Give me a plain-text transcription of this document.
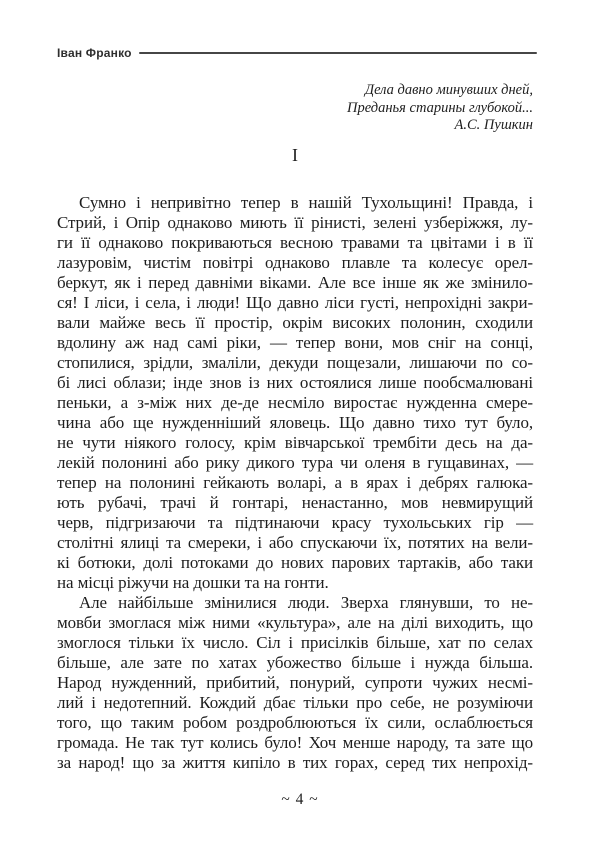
Іван Франко
Дела давно минувших дней,
Преданья старины глубокой...
А.С. Пушкин
I
Сумно і непривітно тепер в нашій Тухольщині! Правда, і
Стрий, і Опір однаково миють її рінисті, зелені узберіжжя, лу-
ги її однаково покриваються весною травами та цвітами і в її
лазуровім, чистім повітрі однаково плавле та колесує орел-
беркут, як і перед давніми віками. Але все інше як же змінило-
ся! І ліси, і села, і люди! Що давно ліси густі, непрохідні закри-
вали майже весь її простір, окрім високих полонин, сходили
вдолину аж над самі ріки, — тепер вони, мов сніг на сонці,
стопилися, зрідли, змаліли, декуди пощезали, лишаючи по со-
бі лисі облази; інде знов із них остоялися лише пообсмалювані
пеньки, а з-між них де-де несміло виростає нужденна смере-
чина або ще нужденніший яловець. Що давно тихо тут було,
не чути ніякого голосу, крім вівчарської трембіти десь на да-
лекій полонині або рику дикого тура чи оленя в гущавинах, —
тепер на полонині гейкають воларі, а в ярах і дебрях галюка-
ють рубачі, трачі й гонтарі, ненастанно, мов невмирущий
черв, підгризаючи та підтинаючи красу тухольських гір —
столітні ялиці та смереки, і або спускаючи їх, потятих на вели-
кі ботюки, долі потоками до нових парових тартаків, або таки
на місці ріжучи на дошки та на гонти.
Але найбільше змінилися люди. Зверха глянувши, то не-
мовби змоглася між ними «культура», але на ділі виходить, що
змоглося тільки їх число. Сіл і присілків більше, хат по селах
більше, але зате по хатах убожество більше і нужда більша.
Народ нужденний, прибитий, понурий, супроти чужих несмі-
лий і недотепний. Кождий дбає тільки про себе, не розуміючи
того, що таким робом роздроблюються їх сили, ослаблюється
громада. Не так тут колись було! Хоч менше народу, та зате що
за народ! що за життя кипіло в тих горах, серед тих непрохід-
~ 4 ~
